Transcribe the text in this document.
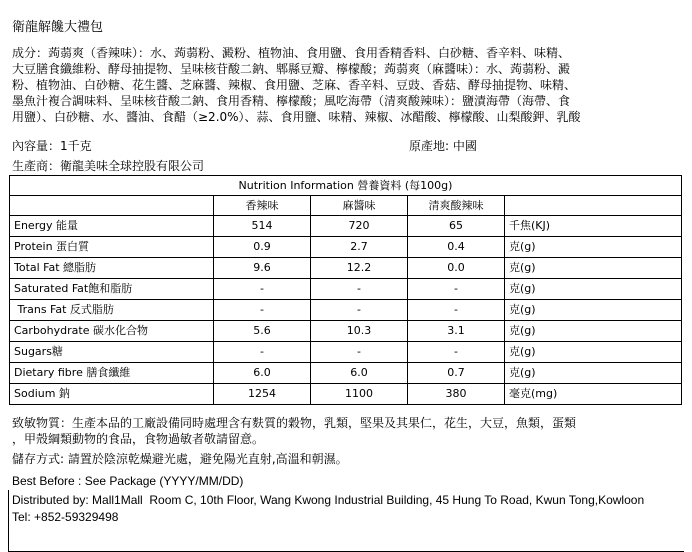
衛龍解饞大禮包
成分：蒟蒻爽（香辣味）：水、蒟蒻粉、澱粉、植物油、食用鹽、食用香精香料、白砂糖、香辛料、味精、
大豆膳食纖維粉、酵母抽提物、呈味核苷酸二鈉、郫縣豆瓣、檸檬酸；蒟蒻爽（麻醬味）：水、蒟蒻粉、澱
粉、植物油、白砂糖、花生醬、芝麻醬、辣椒、食用鹽、芝麻、香辛料、豆豉、香菇、酵母抽提物、味精、
墨魚汁複合調味料、呈味核苷酸二鈉、食用香精、檸檬酸；風吃海帶（清爽酸辣味）：鹽漬海帶（海帶、食
用鹽）、白砂糖、水、醬油、食醋（≥2.0%）、蒜、食用鹽、味精、辣椒、冰醋酸、檸檬酸、山梨酸鉀、乳酸
內容量：1千克	原產地: 中國
生產商：衛龍美味全球控股有限公司
Nutrition Information 營養資料 (每100g)				
	香辣味	麻醬味	清爽酸辣味	
Energy 能量	514	720	65	千焦(KJ)
Protein 蛋白質	0.9	2.7	0.4	克(g)
Total Fat 總脂肪	9.6	12.2	0.0	克(g)
Saturated Fat飽和脂肪	-	-	-	克(g)
Trans Fat 反式脂肪	-	-	-	克(g)
Carbohydrate 碳水化合物	5.6	10.3	3.1	克(g)
Sugars糖	-	-	-	克(g)
Dietary fibre 膳食纖維	6.0	6.0	0.7	克(g)
Sodium 鈉	1254	1100	380	毫克(mg)
致敏物質：生產本品的工廠設備同時處理含有麩質的穀物，乳類，堅果及其果仁，花生，大豆，魚類，蛋類
，甲殼綱類動物的食品，食物過敏者敬請留意。
儲存方式: 請置於陰涼乾燥避光處，避免陽光直射,高溫和朝濕。
Best Before : See Package (YYYY/MM/DD)
Distributed by: Mall1Mall  Room C, 10th Floor, Wang Kwong Industrial Building, 45 Hung To Road, Kwun Tong,Kowloon
Tel: +852-59329498
